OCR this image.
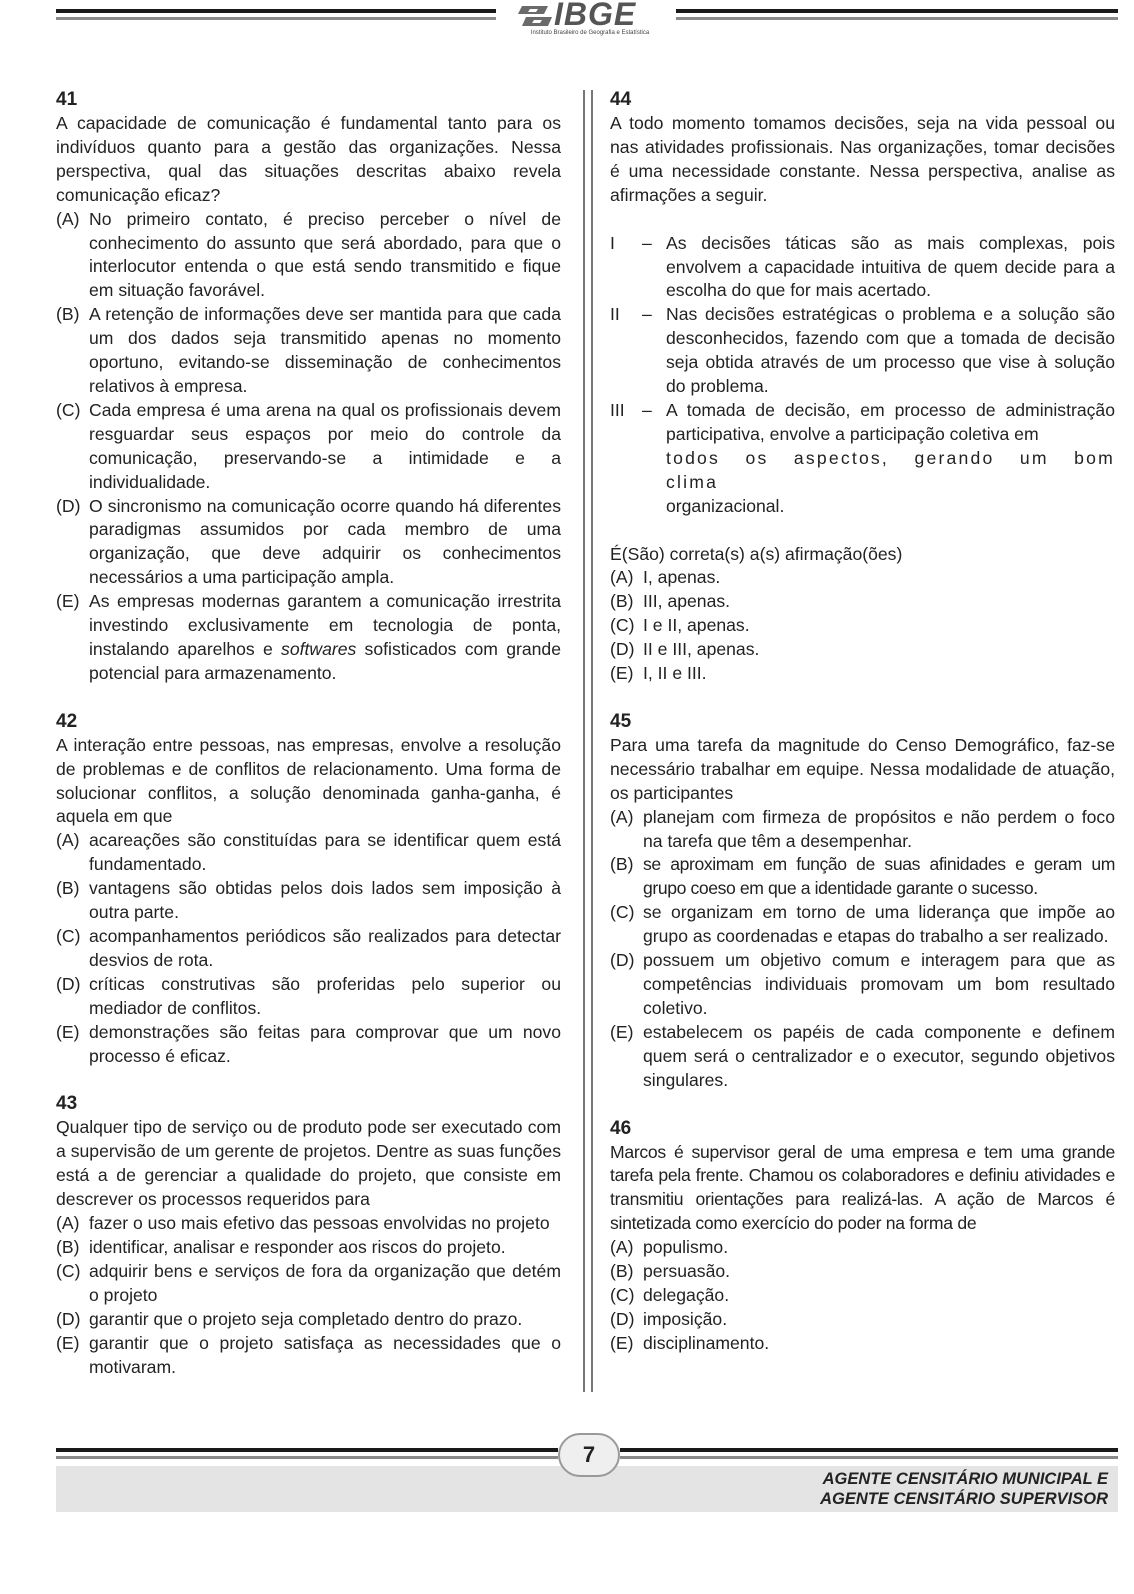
IBGE
Instituto Brasileiro de Geografia e Estatística

41

A capacidade de comunicação é fundamental tanto para os indivíduos quanto para a gestão das organizações. Nessa perspectiva, qual das situações descritas abaixo revela comunicação eficaz?

(A) No primeiro contato, é preciso perceber o nível de conhecimento do assunto que será abordado, para que o interlocutor entenda o que está sendo transmitido e fique em situação favorável.
(B) A retenção de informações deve ser mantida para que cada um dos dados seja transmitido apenas no momento oportuno, evitando-se disseminação de conhecimentos relativos à empresa.
(C) Cada empresa é uma arena na qual os profissionais devem resguardar seus espaços por meio do controle da comunicação, preservando-se a intimidade e a individualidade.
(D) O sincronismo na comunicação ocorre quando há diferentes paradigmas assumidos por cada membro de uma organização, que deve adquirir os conhecimentos necessários a uma participação ampla.
(E) As empresas modernas garantem a comunicação irrestrita investindo exclusivamente em tecnologia de ponta, instalando aparelhos e softwares sofisticados com grande potencial para armazenamento.

42

A interação entre pessoas, nas empresas, envolve a resolução de problemas e de conflitos de relacionamento. Uma forma de solucionar conflitos, a solução denominada ganha-ganha, é aquela em que

(A) acareações são constituídas para se identificar quem está fundamentado.
(B) vantagens são obtidas pelos dois lados sem imposição à outra parte.
(C) acompanhamentos periódicos são realizados para detectar desvios de rota.
(D) críticas construtivas são proferidas pelo superior ou mediador de conflitos.
(E) demonstrações são feitas para comprovar que um novo processo é eficaz.

43

Qualquer tipo de serviço ou de produto pode ser executado com a supervisão de um gerente de projetos. Dentre as suas funções está a de gerenciar a qualidade do projeto, que consiste em descrever os processos requeridos para

(A) fazer o uso mais efetivo das pessoas envolvidas no projeto
(B) identificar, analisar e responder aos riscos do projeto.
(C) adquirir bens e serviços de fora da organização que detém o projeto
(D) garantir que o projeto seja completado dentro do prazo.
(E) garantir que o projeto satisfaça as necessidades que o motivaram.

44

A todo momento tomamos decisões, seja na vida pessoal ou nas atividades profissionais. Nas organizações, tomar decisões é uma necessidade constante. Nessa perspectiva, analise as afirmações a seguir.

I	– As decisões táticas são as mais complexas, pois envolvem a capacidade intuitiva de quem decide para a escolha do que for mais acertado.
II	– Nas decisões estratégicas o problema e a solução são desconhecidos, fazendo com que a tomada de decisão seja obtida através de um processo que vise à solução do problema.
III – A tomada de decisão, em processo de administração participativa, envolve a participação coletiva em
todos os aspectos, gerando um bom clima
organizacional.

É(São) correta(s) a(s) afirmação(ões)

(A) I, apenas.
(B) III, apenas.
(C) I e II, apenas.
(D) II e III, apenas.
(E) I, II e III.

45

Para uma tarefa da magnitude do Censo Demográfico, faz-se necessário trabalhar em equipe. Nessa modalidade de atuação, os participantes

(A) planejam com firmeza de propósitos e não perdem o foco na tarefa que têm a desempenhar.
(B) se aproximam em função de suas afinidades e geram um grupo coeso em que a identidade garante o sucesso.
(C) se organizam em torno de uma liderança que impõe ao grupo as coordenadas e etapas do trabalho a ser realizado.
(D) possuem um objetivo comum e interagem para que as competências individuais promovam um bom resultado coletivo.
(E) estabelecem os papéis de cada componente e definem quem será o centralizador e o executor, segundo objetivos singulares.

46

Marcos é supervisor geral de uma empresa e tem uma grande tarefa pela frente. Chamou os colaboradores e definiu atividades e transmitiu orientações para realizá-las. A ação de Marcos é sintetizada como exercício do poder na forma de

(A) populismo.
(B) persuasão.
(C) delegação.
(D) imposição.
(E) disciplinamento.
7
AGENTE CENSITÁRIO MUNICIPAL E
AGENTE CENSITÁRIO SUPERVISOR
